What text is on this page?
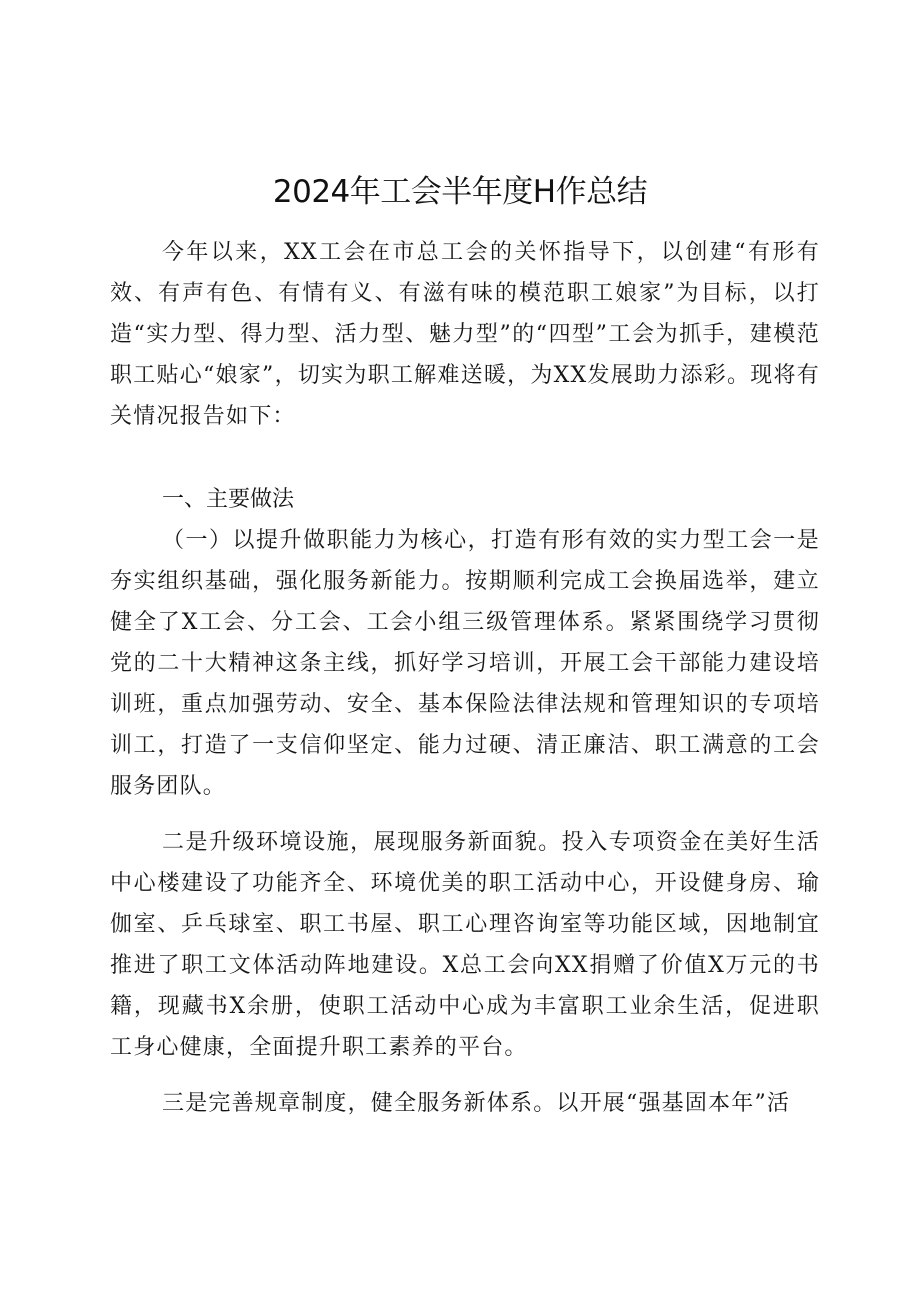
2024年工会半年度H作总结

今年以来，XX工会在市总工会的关怀指导下，以创建“有形有效、有声有色、有情有义、有滋有味的模范职工娘家”为目标，以打造“实力型、得力型、活力型、魅力型”的“四型”工会为抓手，建模范职工贴心“娘家”，切实为职工解难送暖，为XX发展助力添彩。现将有关情况报告如下：

一、主要做法

（一）以提升做职能力为核心，打造有形有效的实力型工会一是夯实组织基础，强化服务新能力。按期顺利完成工会换届选举，建立健全了X工会、分工会、工会小组三级管理体系。紧紧围绕学习贯彻党的二十大精神这条主线，抓好学习培训，开展工会干部能力建设培训班，重点加强劳动、安全、基本保险法律法规和管理知识的专项培训工，打造了一支信仰坚定、能力过硬、清正廉洁、职工满意的工会服务团队。

二是升级环境设施，展现服务新面貌。投入专项资金在美好生活中心楼建设了功能齐全、环境优美的职工活动中心，开设健身房、瑜伽室、乒乓球室、职工书屋、职工心理咨询室等功能区域，因地制宜推进了职工文体活动阵地建设。X总工会向XX捐赠了价值X万元的书籍，现藏书X余册，使职工活动中心成为丰富职工业余生活，促进职工身心健康，全面提升职工素养的平台。

三是完善规章制度，健全服务新体系。以开展“强基固本年”活
